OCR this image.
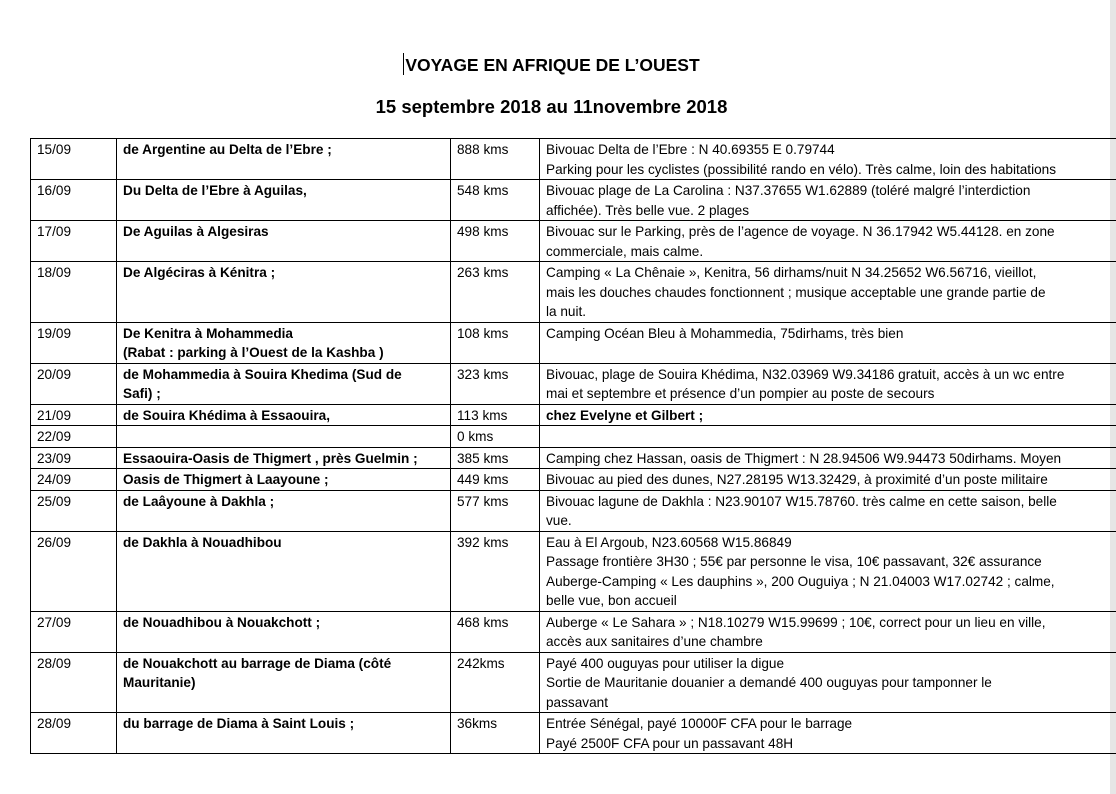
VOYAGE EN AFRIQUE DE L’OUEST
15 septembre 2018 au 11novembre 2018
15/09	de Argentine au Delta de l’Ebre ;	888 kms	Bivouac Delta de l’Ebre : N 40.69355 E 0.79744
Parking pour les cyclistes (possibilité rando en vélo). Très calme, loin des habitations

16/09	Du Delta de l’Ebre à Aguilas,	548 kms	Bivouac plage de La Carolina : N37.37655 W1.62889 (toléré malgré l’interdiction
affichée). Très belle vue. 2 plages

17/09	De Aguilas à Algesiras	498 kms	Bivouac sur le Parking, près de l’agence de voyage. N 36.17942 W5.44128. en zone
commerciale, mais calme.

18/09	De Algéciras à Kénitra ;	263 kms	Camping « La Chênaie », Kenitra, 56 dirhams/nuit N 34.25652 W6.56716, vieillot,
mais les douches chaudes fonctionnent ; musique acceptable une grande partie de
la nuit.

19/09	De Kenitra à Mohammedia
(Rabat : parking à l’Ouest de la Kashba )	108 kms	Camping Océan Bleu à Mohammedia, 75dirhams, très bien

20/09	de Mohammedia à Souira Khedima (Sud de
Safi) ;	323 kms	Bivouac, plage de Souira Khédima, N32.03969 W9.34186 gratuit, accès à un wc entre
mai et septembre et présence d’un pompier au poste de secours

21/09	de Souira Khédima à Essaouira,	113 kms	chez Evelyne et Gilbert ;

22/09		0 kms	

23/09	Essaouira-Oasis de Thigmert , près Guelmin ;	385 kms	Camping chez Hassan, oasis de Thigmert : N 28.94506 W9.94473 50dirhams. Moyen

24/09	Oasis de Thigmert à Laayoune ;	449 kms	Bivouac au pied des dunes, N27.28195 W13.32429, à proximité d’un poste militaire

25/09	de Laâyoune à Dakhla ;	577 kms	Bivouac lagune de Dakhla : N23.90107 W15.78760. très calme en cette saison, belle
vue.

26/09	de Dakhla à Nouadhibou	392 kms	Eau à El Argoub, N23.60568 W15.86849
Passage frontière 3H30 ; 55€ par personne le visa, 10€ passavant, 32€ assurance
Auberge-Camping « Les dauphins », 200 Ouguiya ; N 21.04003 W17.02742 ; calme,
belle vue, bon accueil

27/09	de Nouadhibou à Nouakchott ;	468 kms	Auberge « Le Sahara » ; N18.10279 W15.99699 ; 10€, correct pour un lieu en ville,
accès aux sanitaires d’une chambre

28/09	de Nouakchott au barrage de Diama (côté
Mauritanie)	242kms	Payé 400 ouguyas pour utiliser la digue
Sortie de Mauritanie douanier a demandé 400 ouguyas pour tamponner le
passavant

28/09	du barrage de Diama à Saint Louis ;	36kms	Entrée Sénégal, payé 10000F CFA pour le barrage
Payé 2500F CFA pour un passavant 48H
